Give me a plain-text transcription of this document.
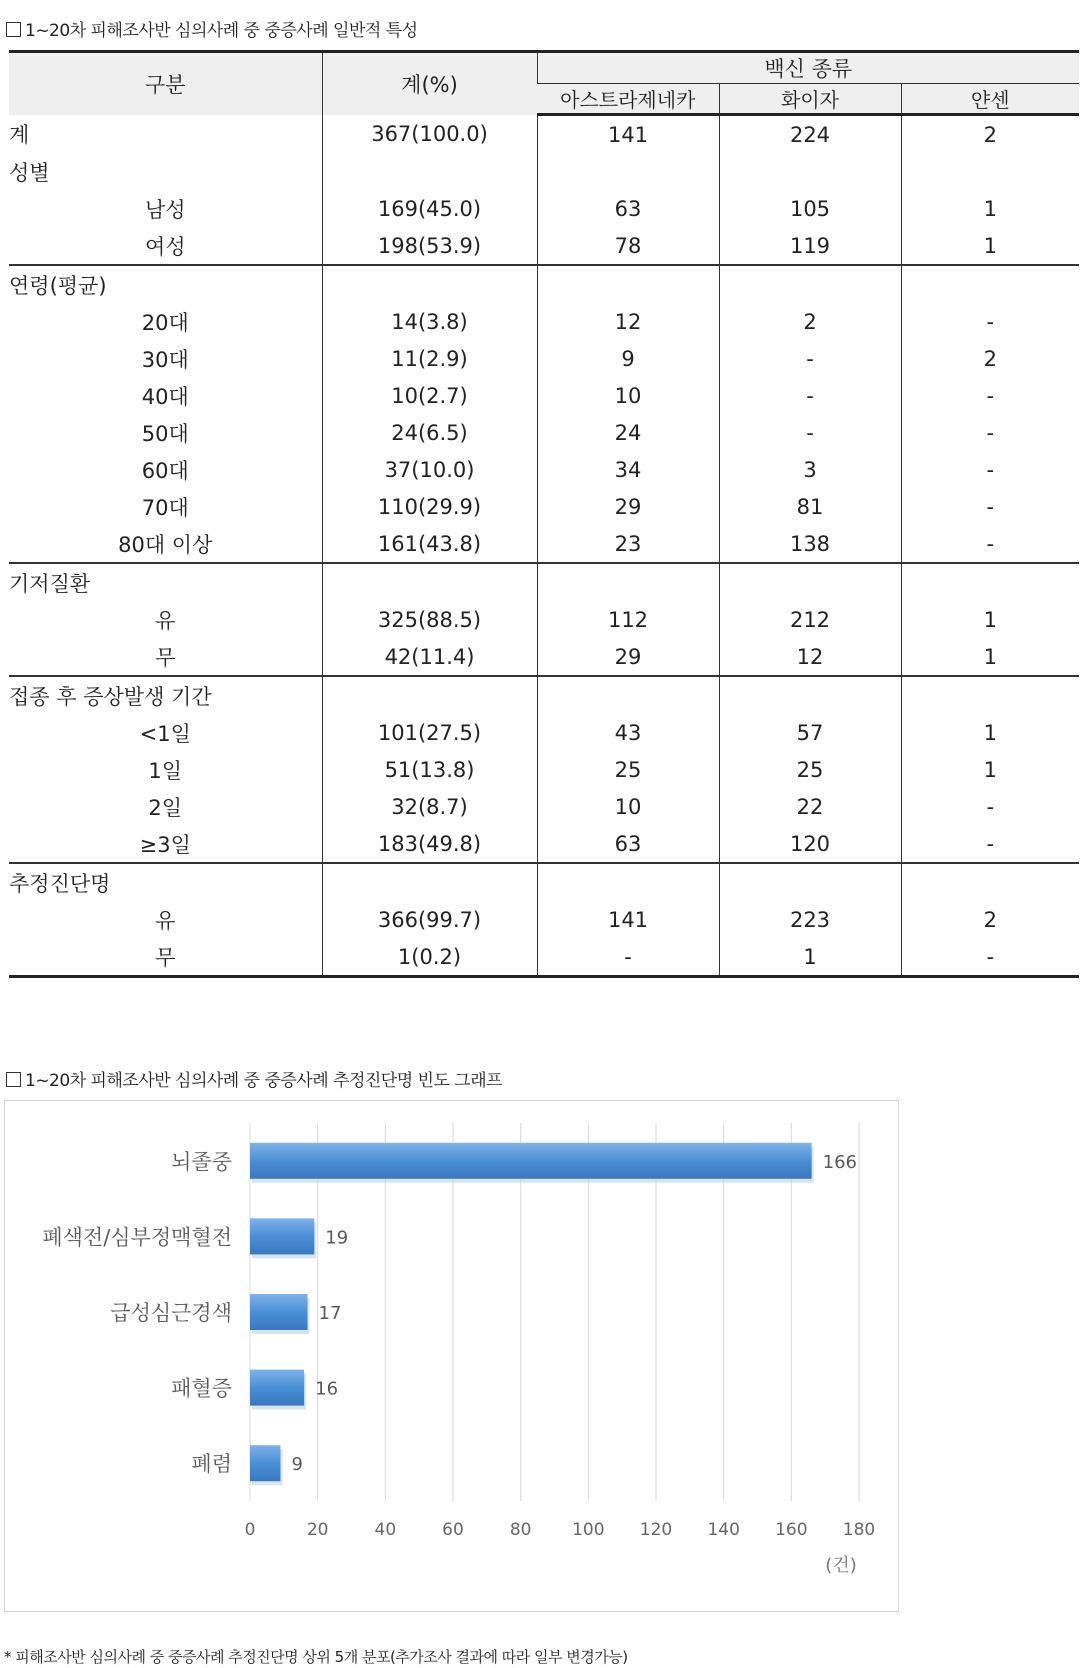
1~20차 피해조사반 심의사례 중 중증사례 일반적 특성
구분	계(%)	백신 종류		
		아스트라제네카	화이자	얀센
계	367(100.0)	141	224	2
성별				
남성	169(45.0)	63	105	1
여성	198(53.9)	78	119	1
연령(평균)				
20대	14(3.8)	12	2	-
30대	11(2.9)	9	-	2
40대	10(2.7)	10	-	-
50대	24(6.5)	24	-	-
60대	37(10.0)	34	3	-
70대	110(29.9)	29	81	-
80대 이상	161(43.8)	23	138	-
기저질환				
유	325(88.5)	112	212	1
무	42(11.4)	29	12	1
접종 후 증상발생 기간				
<1일	101(27.5)	43	57	1
1일	51(13.8)	25	25	1
2일	32(8.7)	10	22	-
≥3일	183(49.8)	63	120	-
추정진단명				
유	366(99.7)	141	223	2
무	1(0.2)	-	1	-
1~20차 피해조사반 심의사례 중 중증사례 추정진단명 빈도 그래프
0	20	40	60	80 100 120 140 160 180
(건)
뇌졸중	166
폐색전/심부정맥혈전	19
급성심근경색	17
패혈증	16
폐렴	9
* 피해조사반 심의사례 중 중증사례 추정진단명 상위 5개 분포(추가조사 결과에 따라 일부 변경가능)
